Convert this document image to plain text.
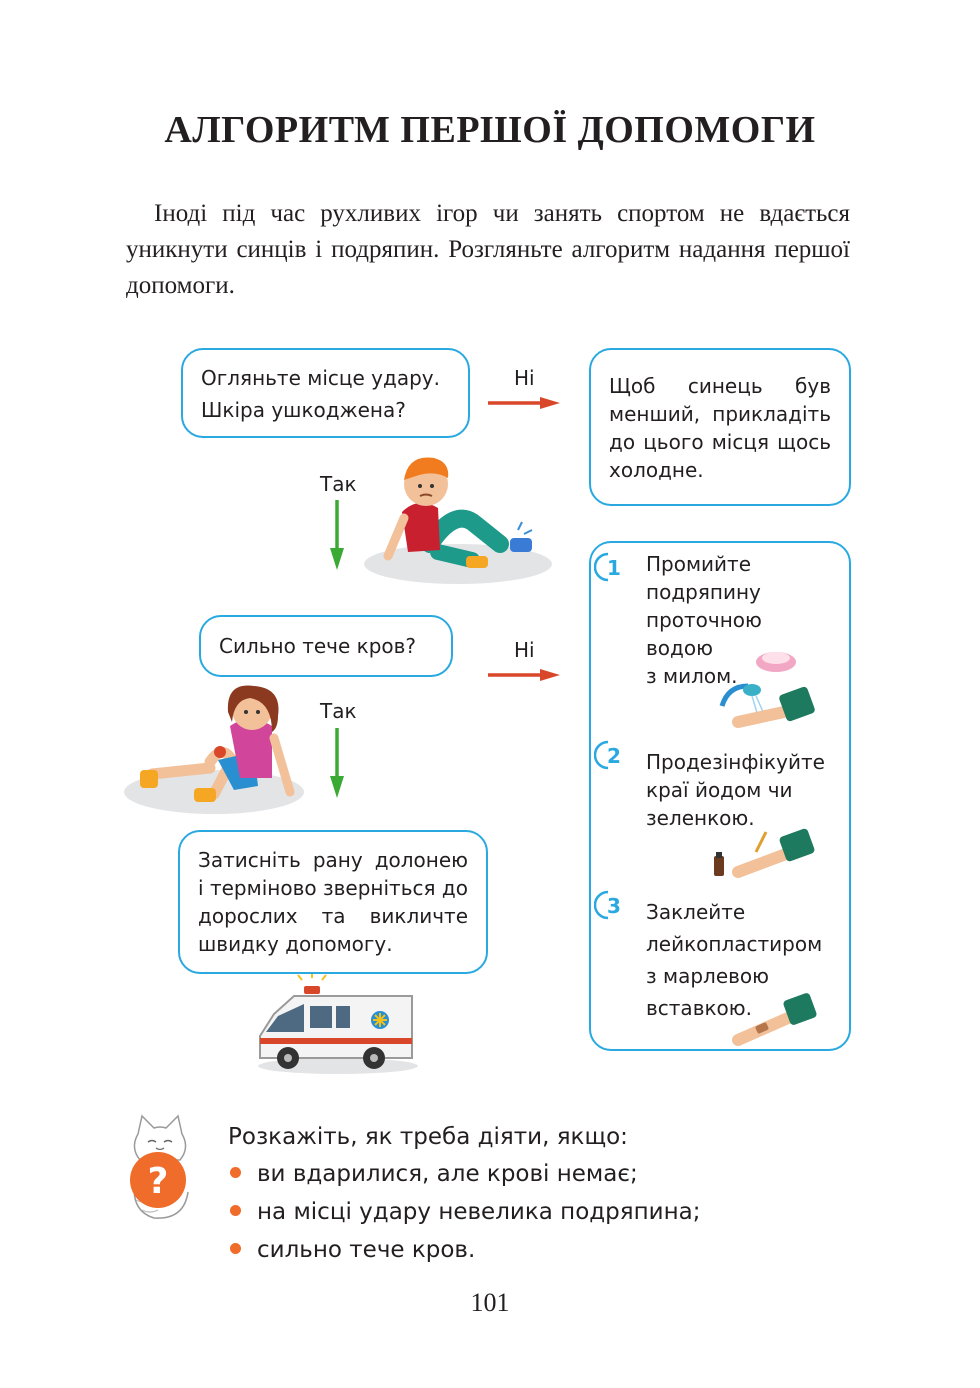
АЛГОРИТМ ПЕРШОЇ ДОПОМОГИ
Іноді під час рухливих ігор чи занять спортом не вдається уникнути синців і подряпин. Розгляньте алгоритм надання першої допомоги.

Огляньте місце удару.

Шкіра ушкоджена?

Ні	Щоб синець був менший, прикладіть до цього місця щось холодне.

Так

Сильно тече кров?	Ні
Так

Затисніть рану долонею і терміново зверніться до дорослих та викличте швидку допомогу.

1 Промийте
подряпину
проточною
водою
з милом.
2 Продезінфікуйте
краї йодом чи
зеленкою.
3 Заклейте
лейкопластиром
з марлевою
вставкою.
?
Розкажіть, як треба діяти, якщо:
ви вдарилися, але крові немає;
на місці удару невелика подряпина;
сильно тече кров.
101
